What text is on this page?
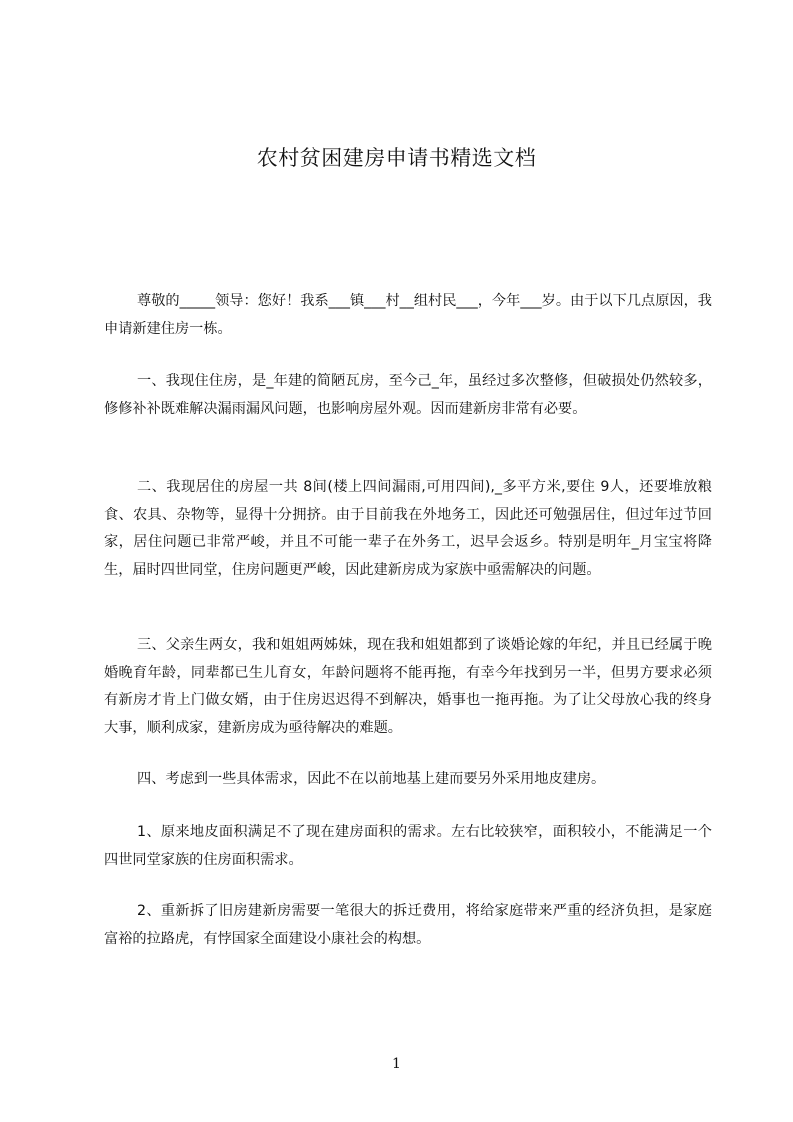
农村贫困建房申请书精选文档

尊敬的_____领导：您好！我系___镇___村__组村民___，今年___岁。由于以下几点原因，我申请新建住房一栋。

一、我现住住房，是_年建的简陋瓦房，至今己_年，虽经过多次整修，但破损处仍然较多，修修补补既难解决漏雨漏风问题，也影响房屋外观。因而建新房非常有必要。

二、我现居住的房屋一共 8间(楼上四间漏雨,可用四间),_多平方米,要住 9人，还要堆放粮食、农具、杂物等，显得十分拥挤。由于目前我在外地务工，因此还可勉强居住，但过年过节回家，居住问题已非常严峻，并且不可能一辈子在外务工，迟早会返乡。特别是明年_月宝宝将降生，届时四世同堂，住房问题更严峻，因此建新房成为家族中亟需解决的问题。

三、父亲生两女，我和姐姐两姊妹，现在我和姐姐都到了谈婚论嫁的年纪，并且已经属于晚婚晚育年龄，同辈都已生儿育女，年龄问题将不能再拖，有幸今年找到另一半，但男方要求必须有新房才肯上门做女婿，由于住房迟迟得不到解决，婚事也一拖再拖。为了让父母放心我的终身大事，顺利成家，建新房成为亟待解决的难题。

四、考虑到一些具体需求，因此不在以前地基上建而要另外采用地皮建房。

1、原来地皮面积满足不了现在建房面积的需求。左右比较狭窄，面积较小，不能满足一个四世同堂家族的住房面积需求。

2、重新拆了旧房建新房需要一笔很大的拆迁费用，将给家庭带来严重的经济负担，是家庭富裕的拉路虎，有悖国家全面建设小康社会的构想。

1
